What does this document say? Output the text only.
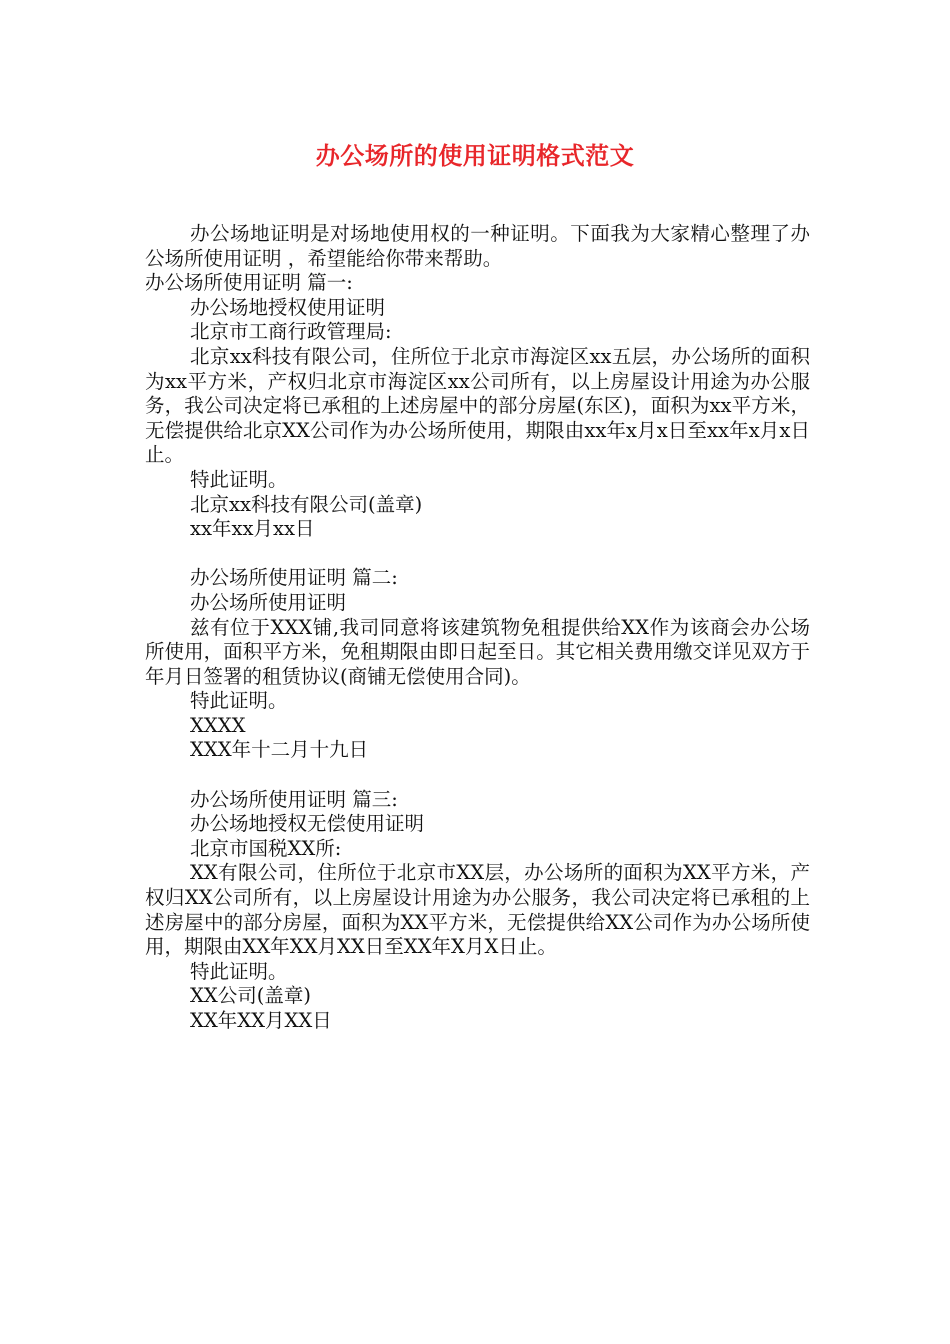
办公场所的使用证明格式范文

办公场地证明是对场地使用权的一种证明。下面我为大家精心整理了办公场所使用证明 ，希望能给你带来帮助。

办公场所使用证明 篇一:

办公场地授权使用证明

北京市工商行政管理局:

北京xx科技有限公司，住所位于北京市海淀区xx五层，办公场所的面积为xx平方米，产权归北京市海淀区xx公司所有，以上房屋设计用途为办公服务，我公司决定将已承租的上述房屋中的部分房屋(东区)，面积为xx平方米，无偿提供给北京XX公司作为办公场所使用，期限由xx年x月x日至xx年x月x日止。

特此证明。

北京xx科技有限公司(盖章)

xx年xx月xx日

办公场所使用证明 篇二:

办公场所使用证明

兹有位于XXX铺,我司同意将该建筑物免租提供给XX作为该商会办公场所使用，面积平方米，免租期限由即日起至日。其它相关费用缴交详见双方于年月日签署的租赁协议(商铺无偿使用合同)。

特此证明。

XXXX

XXX年十二月十九日

办公场所使用证明 篇三:

办公场地授权无偿使用证明

北京市国税XX所:

XX有限公司，住所位于北京市XX层，办公场所的面积为XX平方米，产权归XX公司所有，以上房屋设计用途为办公服务，我公司决定将已承租的上述房屋中的部分房屋，面积为XX平方米，无偿提供给XX公司作为办公场所使用，期限由XX年XX月XX日至XX年X月X日止。

特此证明。

XX公司(盖章)

XX年XX月XX日
